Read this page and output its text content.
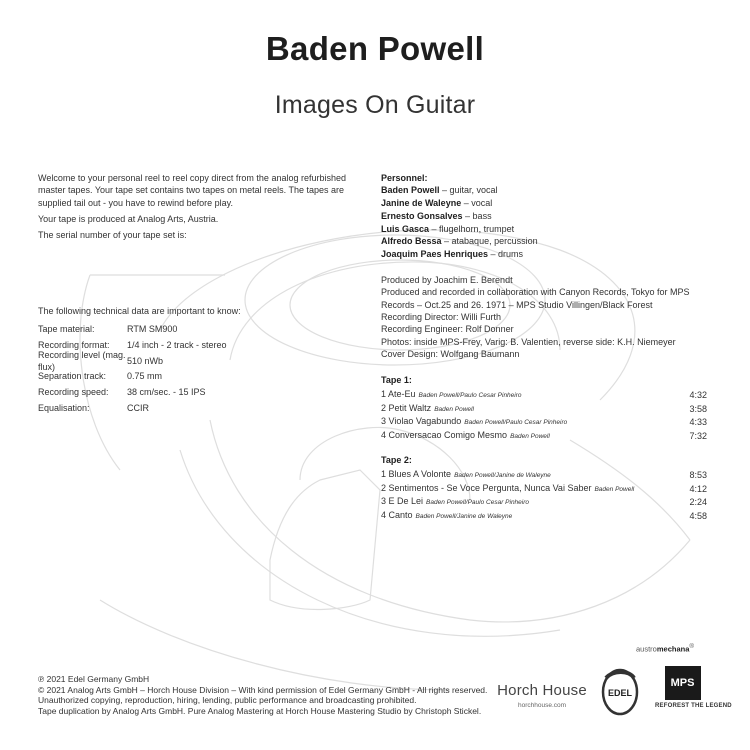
Baden Powell
Images On Guitar

Welcome to your personal reel to reel copy direct from the analog refurbished master tapes. Your tape set contains two tapes on metal reels. The tapes are supplied tail out - you have to rewind before play.

Your tape is produced at Analog Arts, Austria.

The serial number of your tape set is:

The following technical data are important to know:
Tape material:	RTM SM900
Recording format:	1/4 inch - 2 track - stereo
Recording level (mag. flux)
510 nWb
Separation track:	0.75 mm
Recording speed:	38 cm/sec. - 15 IPS
Equalisation:	CCIR
Personnel:
Baden Powell – guitar, vocal
Janine de Waleyne – vocal
Ernesto Gonsalves – bass
Luis Gasca – flugelhorn, trumpet
Alfredo Bessa – atabaque, percussion
Joaquim Paes Henriques – drums
Produced by Joachim E. Berendt
Produced and recorded in collaboration with Canyon Records, Tokyo for MPS Records – Oct.25 and 26. 1971 – MPS Studio Villingen/Black Forest
Recording Director: Willi Furth
Recording Engineer: Rolf Donner
Photos: inside MPS-Frey, Varig: B. Valentien, reverse side: K.H. Niemeyer
Cover Design: Wolfgang Baumann
Tape 1:
1 Ate-Eu Baden Powell/Paulo Cesar Pinheiro	4:32
2 Petit Waltz Baden Powell	3:58
3 Violao Vagabundo Baden Powell/Paulo Cesar Pinheiro	4:33
4 Conversacao Comigo Mesmo Baden Powell	7:32
Tape 2:
1 Blues A Volonte Baden Powell/Janine de Waleyne	8:53
2 Sentimentos - Se Voce Pergunta, Nunca Vai Saber Baden Powell	4:12
3 E De Lei Baden Powell/Paulo Cesar Pinheiro	2:24
4 Canto Baden Powell/Janine de Waleyne	4:58
austromechana®
℗ 2021 Edel Germany GmbH
© 2021 Analog Arts GmbH – Horch House Division – With kind permission of Edel Germany GmbH - All rights reserved.
Unauthorized copying, reproduction, hiring, lending, public performance and broadcasting prohibited.
Tape duplication by Analog Arts GmbH. Pure Analog Mastering at Horch House Mastering Studio by Christoph Stickel.
Horch House
horchhouse.com
EDEL
MPS
REFOREST THE LEGEND
